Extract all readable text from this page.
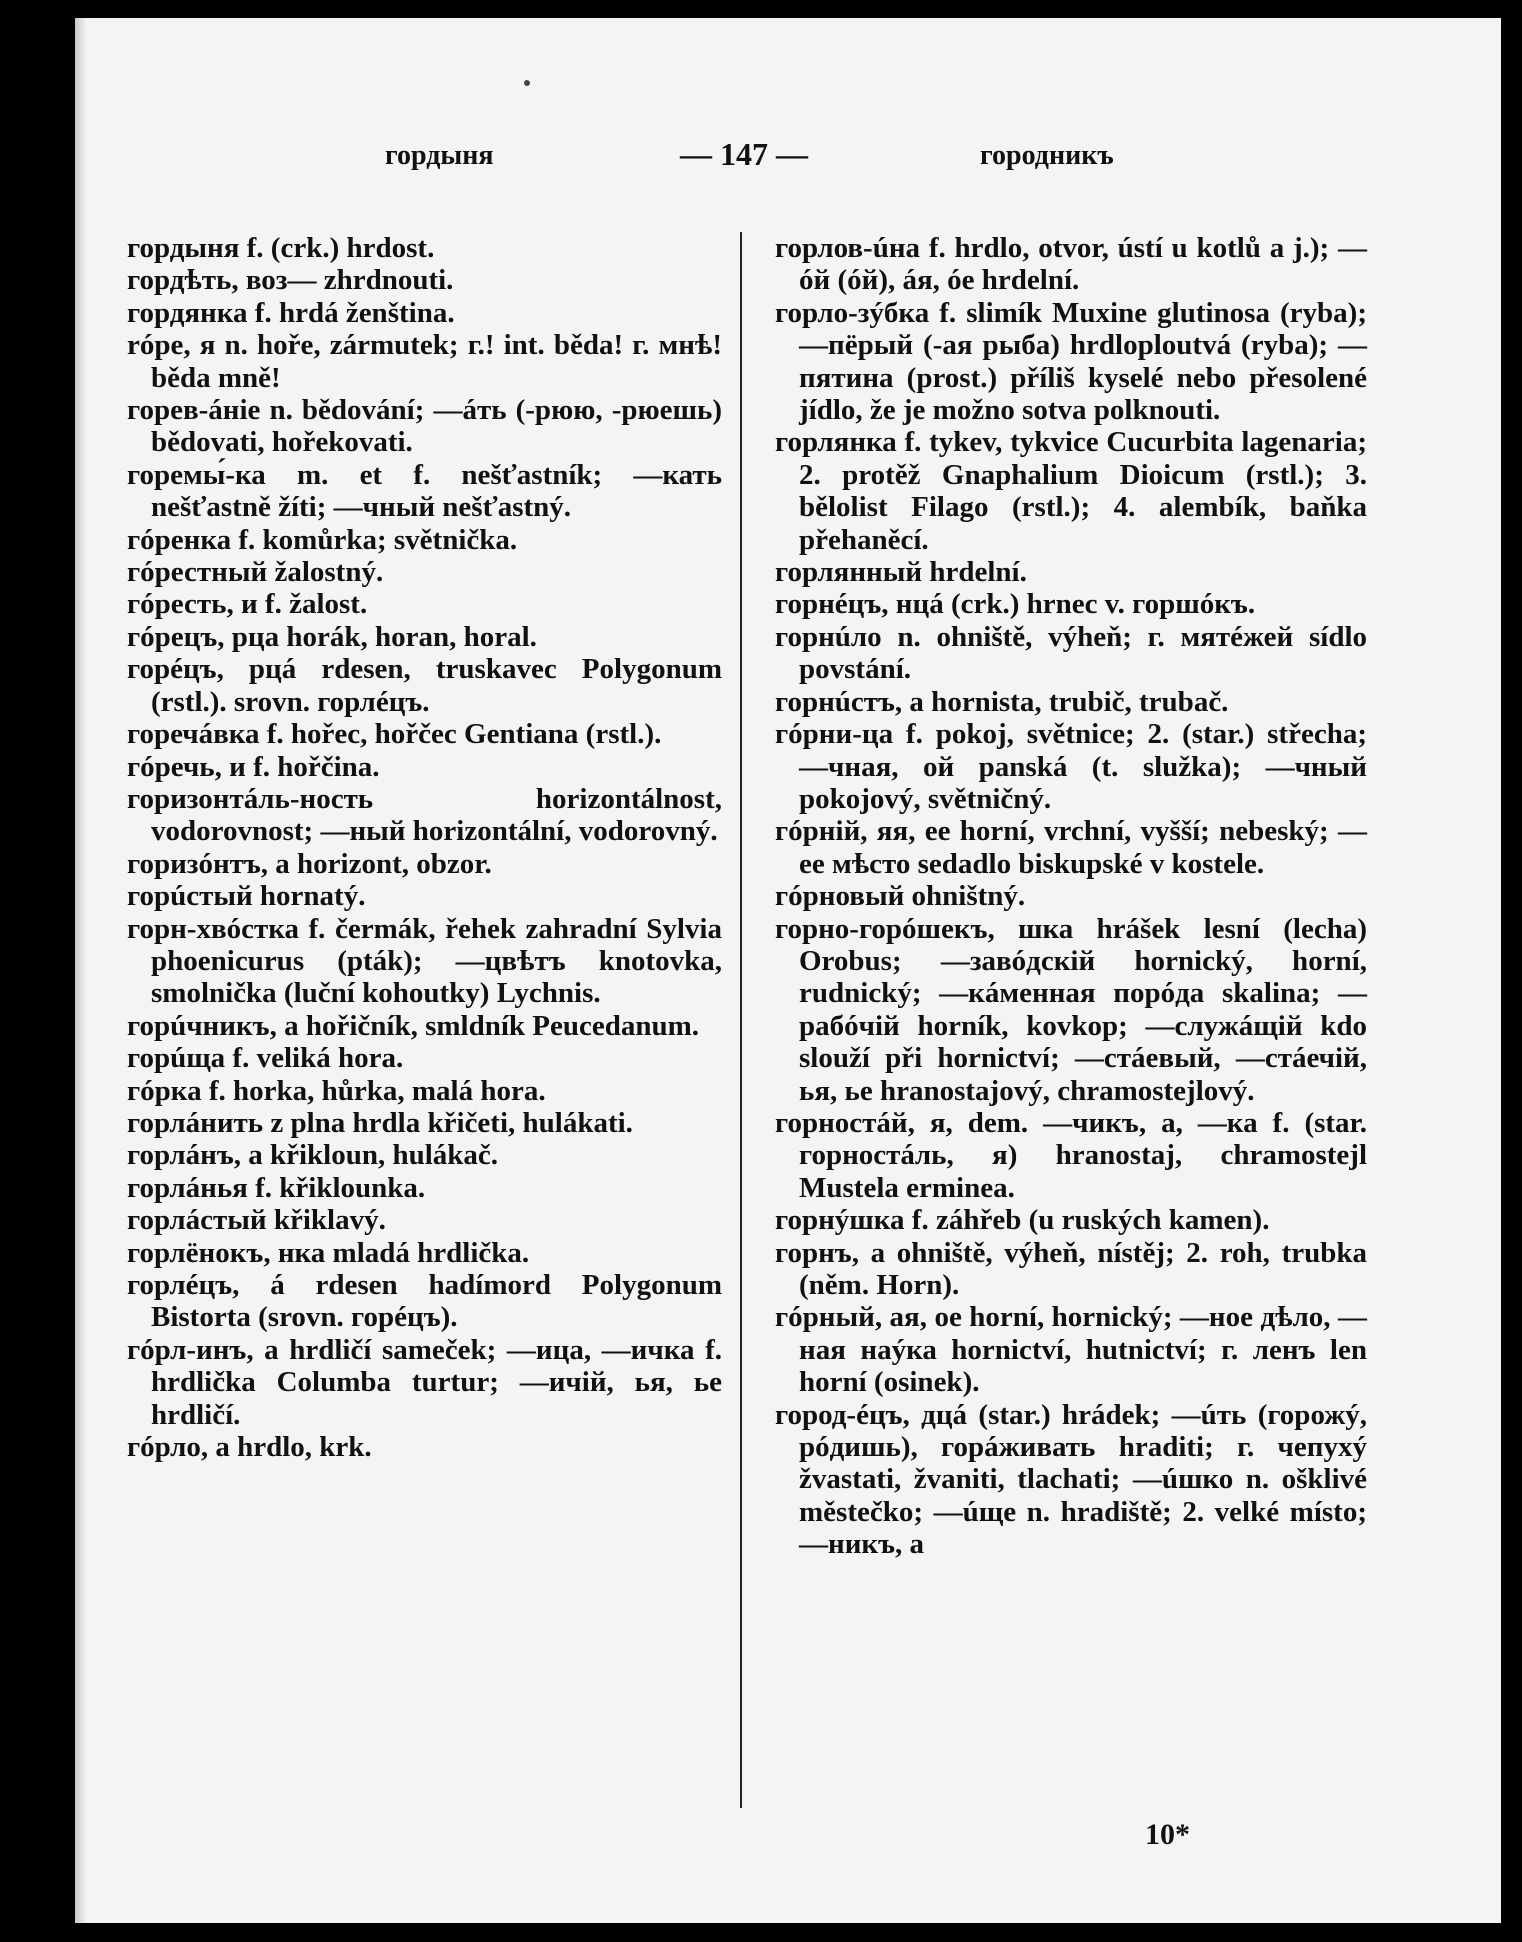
гордыня	— 147 —	городникъ

гордыня f. (crk.) hrdost.

гордѣть, воз— zhrdnouti.

гордянка f. hrdá ženština.

rópe, я n. hoře, zármutek; г.! int. běda! г. мнѣ! běda mně!

горев-áнie n. bědování; —áть (-рюю, -рюешь) bědovati, hořekovati.

горемы́-ка m. et f. nešťastník; —кать nešťastně žíti; —чный nešťastný.

гóренка f. komůrka; světnička.

гóрестный žalostný.

гóресть, и f. žalost.

гóрецъ, рца horák, horan, horal.

горéцъ, рцá rdesen, truskavec Polygonum (rstl.). srovn. горлéцъ.

горечáвка f. hořec, hořčec Gentiana (rstl.).

гóречь, и f. hořčina.

горизонтáль-ность horizontálnost, vodorovnost; —ный horizontální, vodorovný.

горизóнтъ, а horizont, obzor.

горúстый hornatý.

горн-хвóстка f. čermák, řehek zahradní Sylvia phoenicurus (pták); —цвѣтъ knotovka, smolnička (luční kohoutky) Lychnis.

горúчникъ, а hořičník, smldník Peucedanum.

горúща f. veliká hora.

гóрка f. horka, hůrka, malá hora.

горлáнить z plna hrdla křičeti, hulákati.

горлáнъ, а křikloun, hulákač.

горлáнья f. křiklounka.

горлáстый křiklavý.

горлёнокъ, нка mladá hrdlička.

горлéцъ, á rdesen hadímord Polygonum Bistorta (srovn. горéцъ).

гóрл-инъ, а hrdličí sameček; —ица, —ичка f. hrdlička Columba turtur; —ичій, ья, ье hrdličí.

гóрло, а hrdlo, krk.

горлов-úна f. hrdlo, otvor, ústí u kotlů a j.); —óй (óй), áя, óe hrdelní.

горло-зýбка f. slimík Muxine glutinosa (ryba); —пёрый (-ая рыба) hrdloploutvá (ryba); —пятина (prost.) příliš kyselé nebo přesolené jídlo, že je možno sotva polknouti.

горлянка f. tykev, tykvice Cucurbita lagenaria; 2. protěž Gnaphalium Dioicum (rstl.); 3. bělolist Filago (rstl.); 4. alembík, baňka přehaněcí.

горлянный hrdelní.

горнéцъ, нцá (crk.) hrnec v. горшóкъ.

горнúло n. ohniště, výheň; г. мятéжей sídlo povstání.

горнúстъ, а hornista, trubič, trubač.

гóрни-ца f. pokoj, světnice; 2. (star.) střecha; —чная, ой panská (t. služka); —чный pokojový, světničný.

гóрній, яя, ее horní, vrchní, vyšší; nebeský; —ее мѣсто sedadlo biskupské v kostele.

гóрновый ohništný.

горно-горóшекъ, шка hrášek lesní (lecha) Orobus; —завóдскій hornický, horní, rudnický; —кáменная порóда skalina; —рабóчій horník, kovkop; —служáщій kdo slouží při hornictví; —стáевый, —стáечій, ья, ье hranostajový, chramostejlový.

горностáй, я, dem. —чикъ, а, —ка f. (star. горностáль, я) hranostaj, chramostejl Mustela erminea.

горнýшка f. záhřeb (u ruských kamen).

горнъ, а ohniště, výheň, nístěj; 2. roh, trubka (něm. Horn).

гóрный, ая, ое horní, hornický; —ное дѣло, —ная наýка hornictví, hutnictví; г. ленъ len horní (osinek).

город-éцъ, дцá (star.) hrádek; —úть (горожý, рóдишь), горáживать hraditi; г. чепухý žvastati, žvaniti, tlachati; —úшко n. ošklivé městečko; —úще n. hradiště; 2. velké místo; —никъ, а

10*
